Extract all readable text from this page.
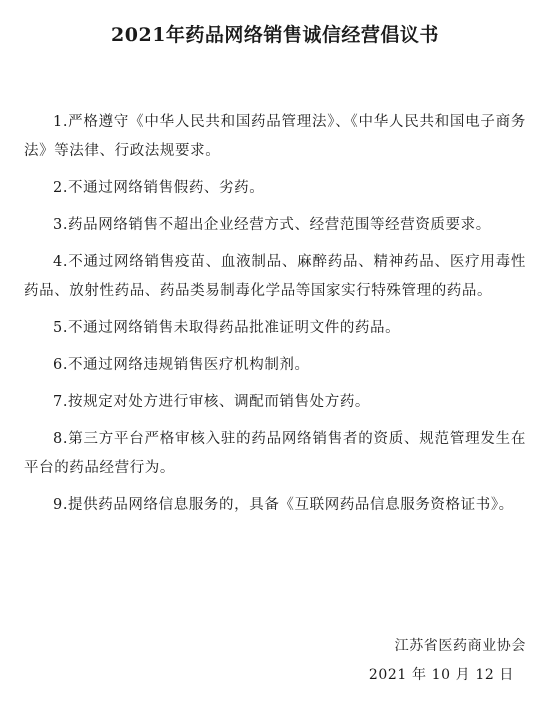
2021年药品网络销售诚信经营倡议书

1.严格遵守《中华人民共和国药品管理法》、《中华人民共和国电子商务法》等法律、行政法规要求。

2.不通过网络销售假药、劣药。

3.药品网络销售不超出企业经营方式、经营范围等经营资质要求。

4.不通过网络销售疫苗、血液制品、麻醉药品、精神药品、医疗用毒性药品、放射性药品、药品类易制毒化学品等国家实行特殊管理的药品。

5.不通过网络销售未取得药品批准证明文件的药品。

6.不通过网络违规销售医疗机构制剂。

7.按规定对处方进行审核、调配而销售处方药。

8.第三方平台严格审核入驻的药品网络销售者的资质、规范管理发生在平台的药品经营行为。

9.提供药品网络信息服务的，具备《互联网药品信息服务资格证书》。

江苏省医药商业协会
2021 年 10 月 12 日
